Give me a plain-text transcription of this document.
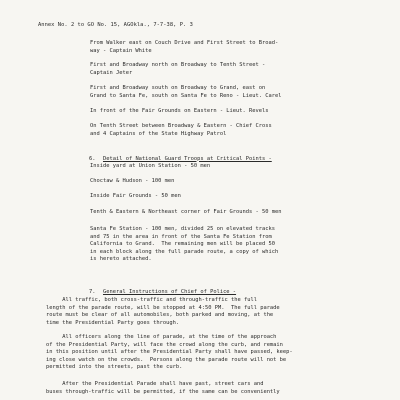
Annex No. 2 to GO No. 15, AGOkla., 7-7-38, P. 3
From Walker east on Couch Drive and First Street to Broad-
way - Captain White
First and Broadway north on Broadway to Tenth Street -
Captain Jeter
First and Broadway south on Broadway to Grand, east on
Grand to Santa Fe, south on Santa Fe to Reno - Lieut. Carel
In front of the Fair Grounds on Eastern - Lieut. Revels
On Tenth Street between Broadway & Eastern - Chief Cross
and 4 Captains of the State Highway Patrol

6. Detail of National Guard Troops at Critical Points -

Inside yard at Union Station - 50 men
Choctaw & Hudson - 100 men
Inside Fair Grounds - 50 men
Tenth & Eastern & Northeast corner of Fair Grounds - 50 men
Santa Fe Station - 100 men, divided 25 on elevated tracks
and 75 in the area in front of the Santa Fe Station from
California to Grand.  The remaining men will be placed 50
in each block along the full parade route, a copy of which
is hereto attached.

7. General Instructions of Chief of Police -

All traffic, both cross-traffic and through-traffic the full
length of the parade route, will be stopped at 4:50 PM.  The full parade
route must be clear of all automobiles, both parked and moving, at the
time the Presidential Party goes through.
All officers along the line of parade, at the time of the approach
of the Presidential Party, will face the crowd along the curb, and remain
in this position until after the Presidential Party shall have passed, keep-
ing close watch on the crowds.  Persons along the parade route will not be
permitted into the streets, past the curb.
After the Presidential Parade shall have past, street cars and
buses through-traffic will be permitted, if the same can be conveniently
